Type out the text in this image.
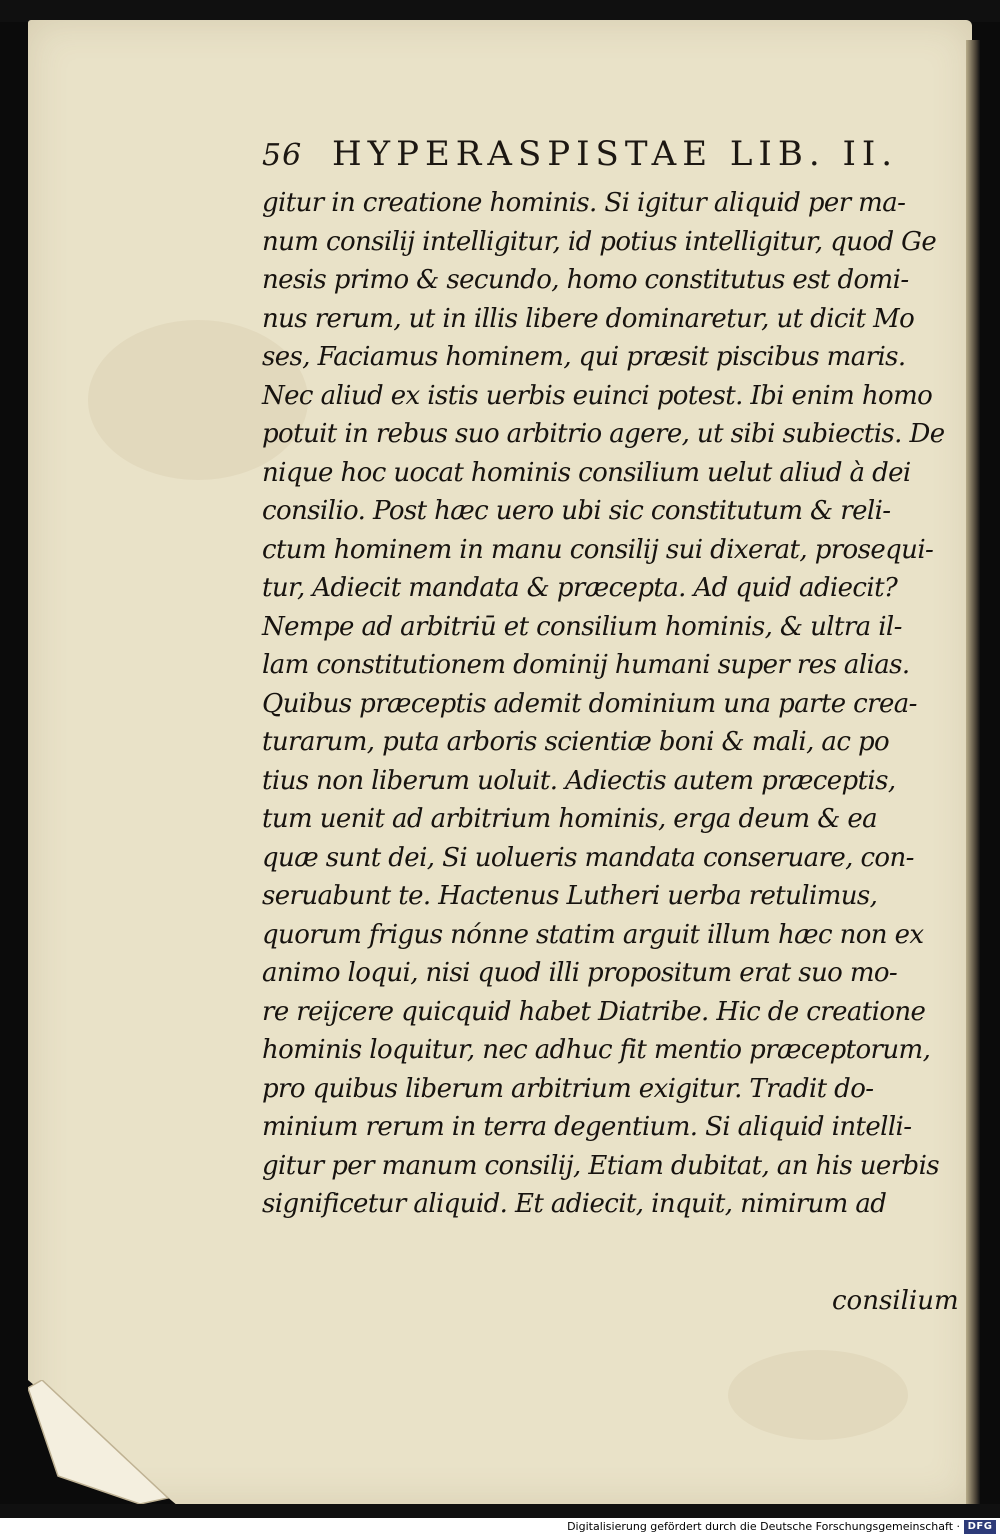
56 HYPERASPISTAE LIB. II.
gitur in creatione hominis. Si igitur aliquid per ma-
num consilij intelligitur, id potius intelligitur, quod Ge
nesis primo & secundo, homo constitutus est domi-
nus rerum, ut in illis libere dominaretur, ut dicit Mo
ses, Faciamus hominem, qui præsit piscibus maris.
Nec aliud ex istis uerbis euinci potest. Ibi enim homo
potuit in rebus suo arbitrio agere, ut sibi subiectis. De
nique hoc uocat hominis consilium uelut aliud à dei
consilio. Post hæc uero ubi sic constitutum & reli-
ctum hominem in manu consilij sui dixerat, prosequi-
tur, Adiecit mandata & præcepta. Ad quid adiecit?
Nempe ad arbitriū et consilium hominis, & ultra il-
lam constitutionem dominij humani super res alias.
Quibus præceptis ademit dominium una parte crea-
turarum, puta arboris scientiæ boni & mali, ac po
tius non liberum uoluit. Adiectis autem præceptis,
tum uenit ad arbitrium hominis, erga deum & ea
quæ sunt dei, Si uolueris mandata conseruare, con-
seruabunt te. Hactenus Lutheri uerba retulimus,
quorum frigus nónne statim arguit illum hæc non ex
animo loqui, nisi quod illi propositum erat suo mo-
re reijcere quicquid habet Diatribe. Hic de creatione
hominis loquitur, nec adhuc fit mentio præceptorum,
pro quibus liberum arbitrium exigitur. Tradit do-
minium rerum in terra degentium. Si aliquid intelli-
gitur per manum consilij, Etiam dubitat, an his uerbis
significetur aliquid. Et adiecit, inquit, nimirum ad
consilium
Digitalisierung gefördert durch die Deutsche Forschungsgemeinschaft · DFG
